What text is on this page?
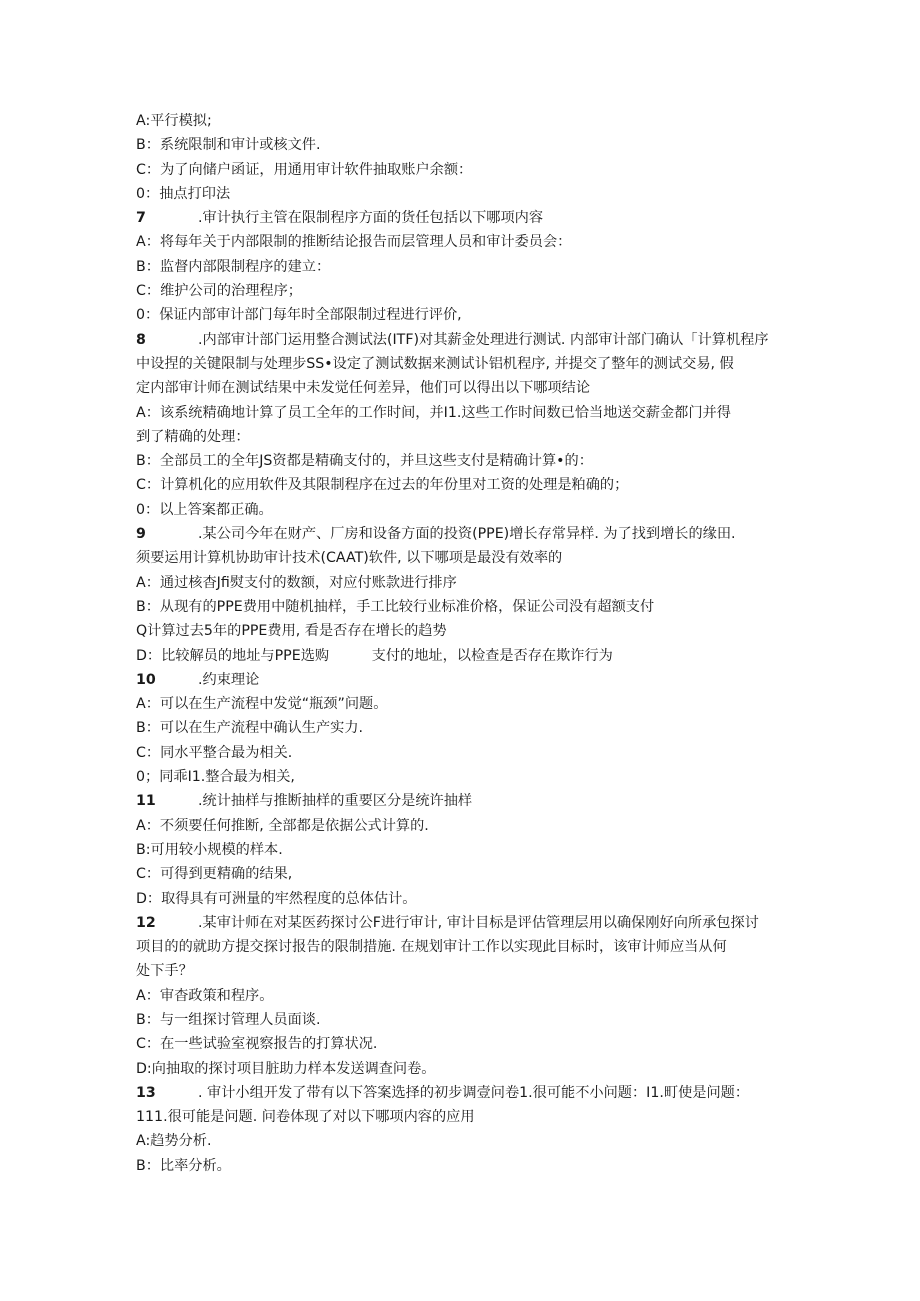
A:平行模拟;
B：系统限制和审计或核文件.
C：为了向储户函证，用通用审计软件抽取账户余额：
0：抽点打印法
7	.审计执行主管在限制程序方面的货任包括以下哪项内容
A：将每年关于内部限制的推断结论报告而层管理人员和审计委员会：
B：监督内部限制程序的建立：
C：维护公司的治理程序；
0：保证内部审计部门每年时全部限制过程进行评价,
8	.内部审计部门运用整合测试法(ITF)对其薪金处理进行测试. 内部审计部门确认「计算机程序
中设捏的关键限制与处理步SS•设定了测试数据来测试讣铝机程序, 并提交了整年的测试交易, 假
定内部审计师在测试结果中未发觉任何差异，他们可以得出以下哪项结论
A：该系统精确地计算了员工全年的工作时间，并I1.这些工作时间数已恰当地送交薪金都门并得
到了精确的处理：
B：全部员工的全年JS资都是精确支付的，并旦这些支付是精确计算•的：
C：计算机化的应用软件及其限制程序在过去的年份里对工资的处理是粕确的；
0：以上答案都正确。
9	.某公司今年在财产、厂房和设备方面的投资(PPE)增长存常异样. 为了找到增长的缘田.
须要运用计算机协助审计技术(CAAT)软件, 以下哪项是最没有效率的
A：通过核杳Jfi熨支付的数额，对应付账款进行排序
B：从现有的PPE费用中随机抽样，手工比较行业标准价格，保证公司没有超额支付
Q计算过去5年的PPE费用, 看是否存在增长的趋势
D：比较解员的地址与PPE选购　　　支付的地址，以检查是否存在欺诈行为
10	.约束理论
A：可以在生产流程中发觉“瓶颈”问题。
B：可以在生产流程中确认生产实力.
C：同水平整合最为相关.
0；同乖I1.整合最为相关,
11	.统计抽样与推断抽样的重要区分是统许抽样
A：不须要任何推断, 全部都是依据公式计算的.
B:可用较小规模的样本.
C：可得到更精确的结果,
D：取得具有可洲量的牢然程度的总体估计。
12	.某审计师在对某医药探讨公F进行审计, 审计目标是评估管理层用以确保刚好向所承包探讨
项目的的就助方提交探讨报告的限制措施. 在规划审计工作以实现此目标时，该审计师应当从何
处下手？
A：审杳政策和程序。
B：与一组探讨管理人员面谈.
C：在一些试验室视察报告的打算状况.
D:向抽取的探讨项目脏助力样本发送调查问卷。
13	. 审计小组开发了带有以下答案选择的初步调壹问卷1.很可能不小问题：I1.町使是问题：
111.很可能是问题. 问卷体现了对以下哪项内容的应用
A:趋势分析.
B：比率分析。
